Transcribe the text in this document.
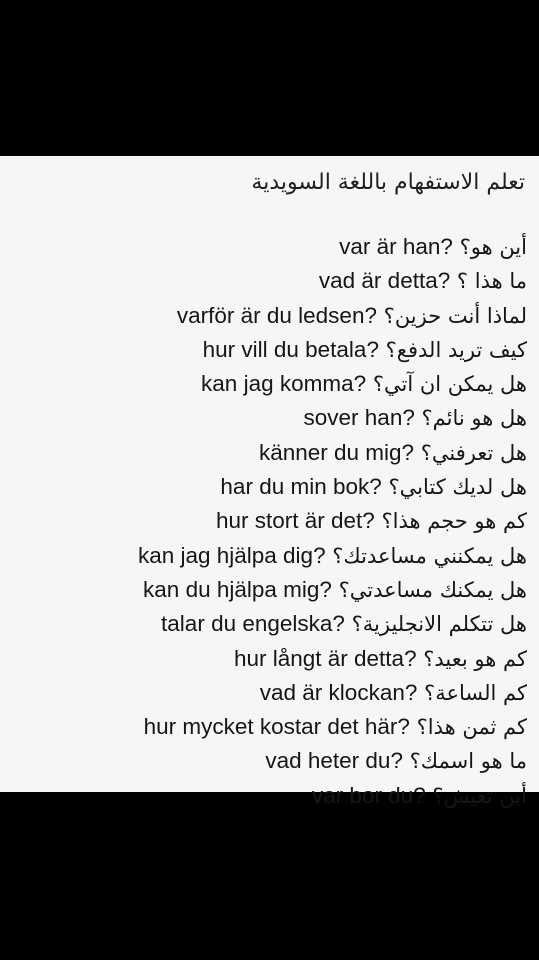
تعلم الاستفهام باللغة السويدية
أين هو؟ ?var är han
ما هذا ؟ ?vad är detta
لماذا أنت حزين؟ ?varför är du ledsen
كيف تريد الدفع؟ ?hur vill du betala
هل يمكن ان آتي؟ ?kan jag komma
هل هو نائم؟ ?sover han
هل تعرفني؟ ?känner du mig
هل لديك كتابي؟ ?har du min bok
كم هو حجم هذا؟ ?hur stort är det
هل يمكنني مساعدتك؟ ?kan jag hjälpa dig
هل يمكنك مساعدتي؟ ?kan du hjälpa mig
هل تتكلم الانجليزية؟ ?talar du engelska
كم هو بعيد؟ ?hur långt är detta
كم الساعة؟ ?vad är klockan
كم ثمن هذا؟ ?hur mycket kostar det här
ما هو اسمك؟ ?vad heter du
أين تعيش؟ ?var bor du
